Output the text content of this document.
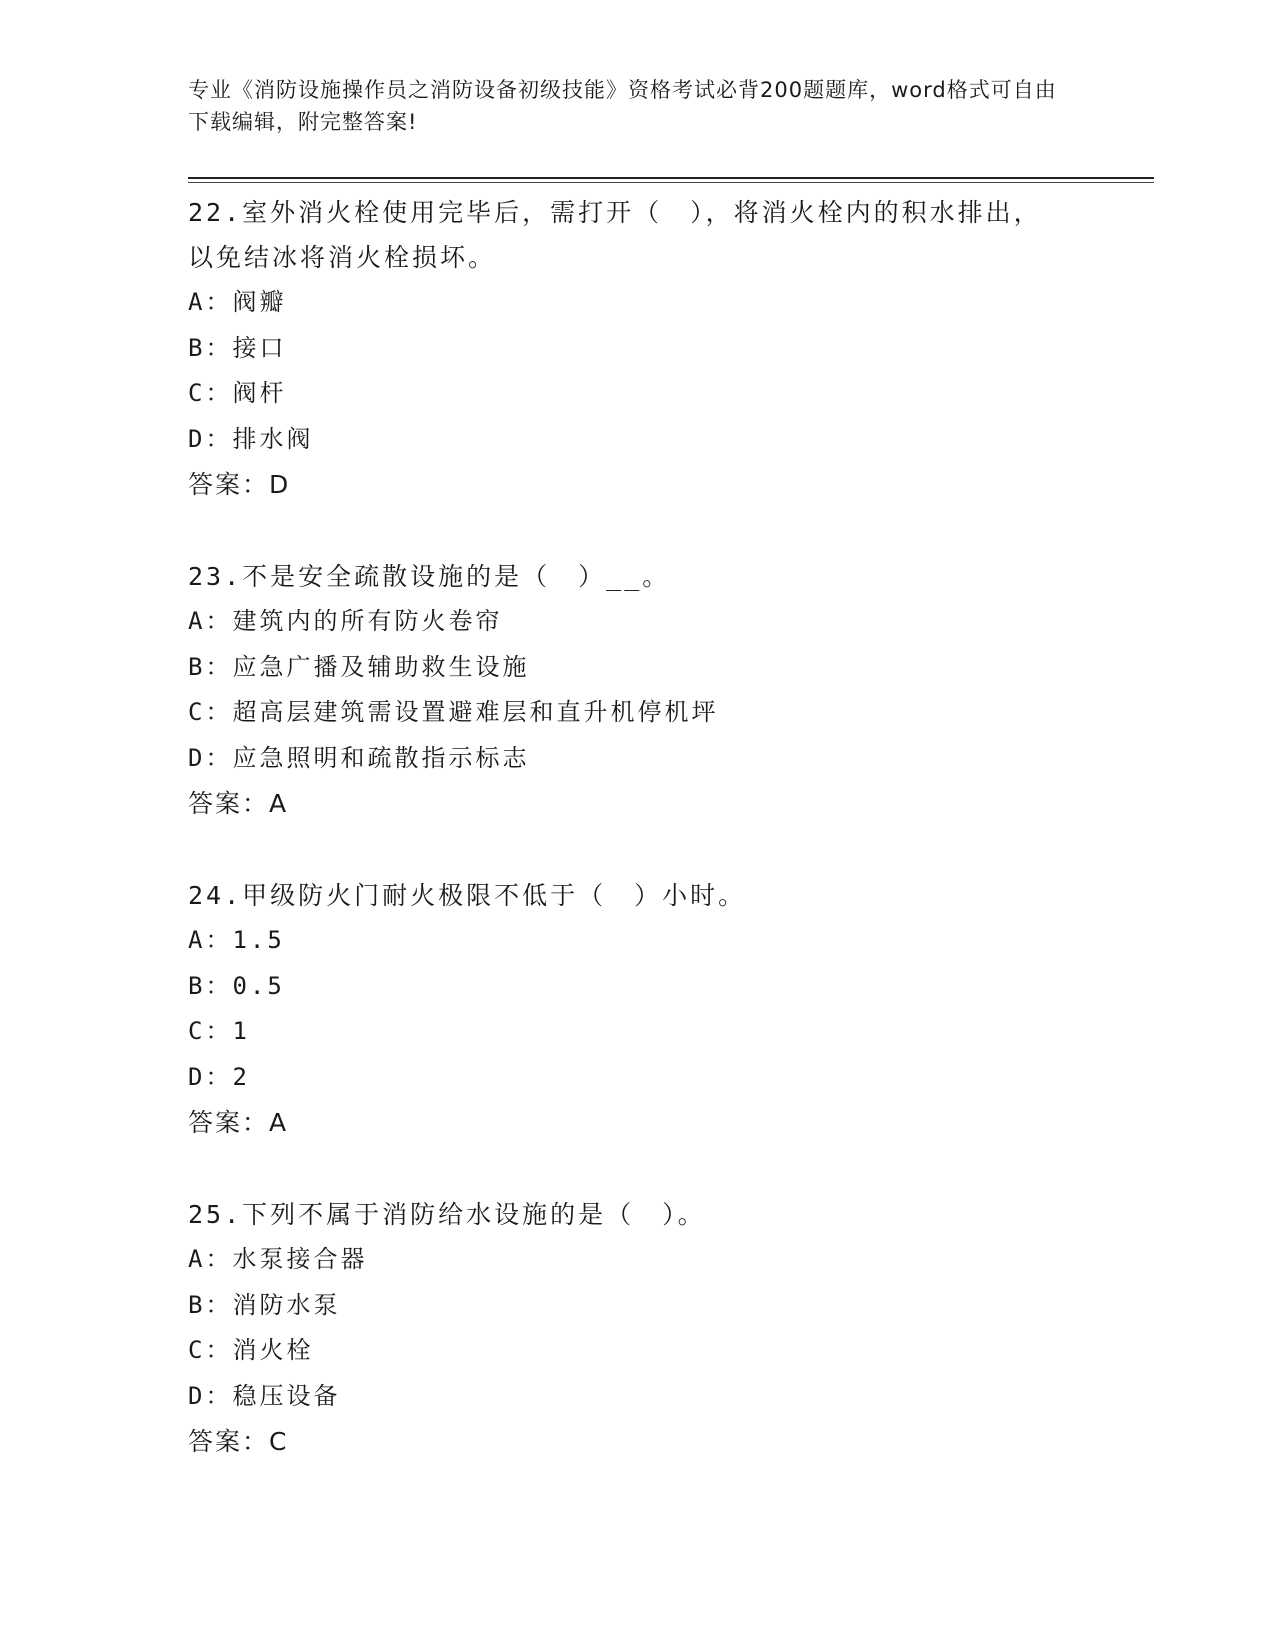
专业《消防设施操作员之消防设备初级技能》资格考试必背200题题库，word格式可自由下载编辑，附完整答案!

22.室外消火栓使用完毕后，需打开（　），将消火栓内的积水排出，

以免结冰将消火栓损坏。

A：阀瓣

B：接口

C：阀杆

D：排水阀

答案：D

23.不是安全疏散设施的是（　）__。

A：建筑内的所有防火卷帘

B：应急广播及辅助救生设施

C：超高层建筑需设置避难层和直升机停机坪

D：应急照明和疏散指示标志

答案：A

24.甲级防火门耐火极限不低于（　）小时。

A：1.5

B：0.5

C：1

D：2

答案：A

25.下列不属于消防给水设施的是（　）。

A：水泵接合器

B：消防水泵

C：消火栓

D：稳压设备

答案：C
